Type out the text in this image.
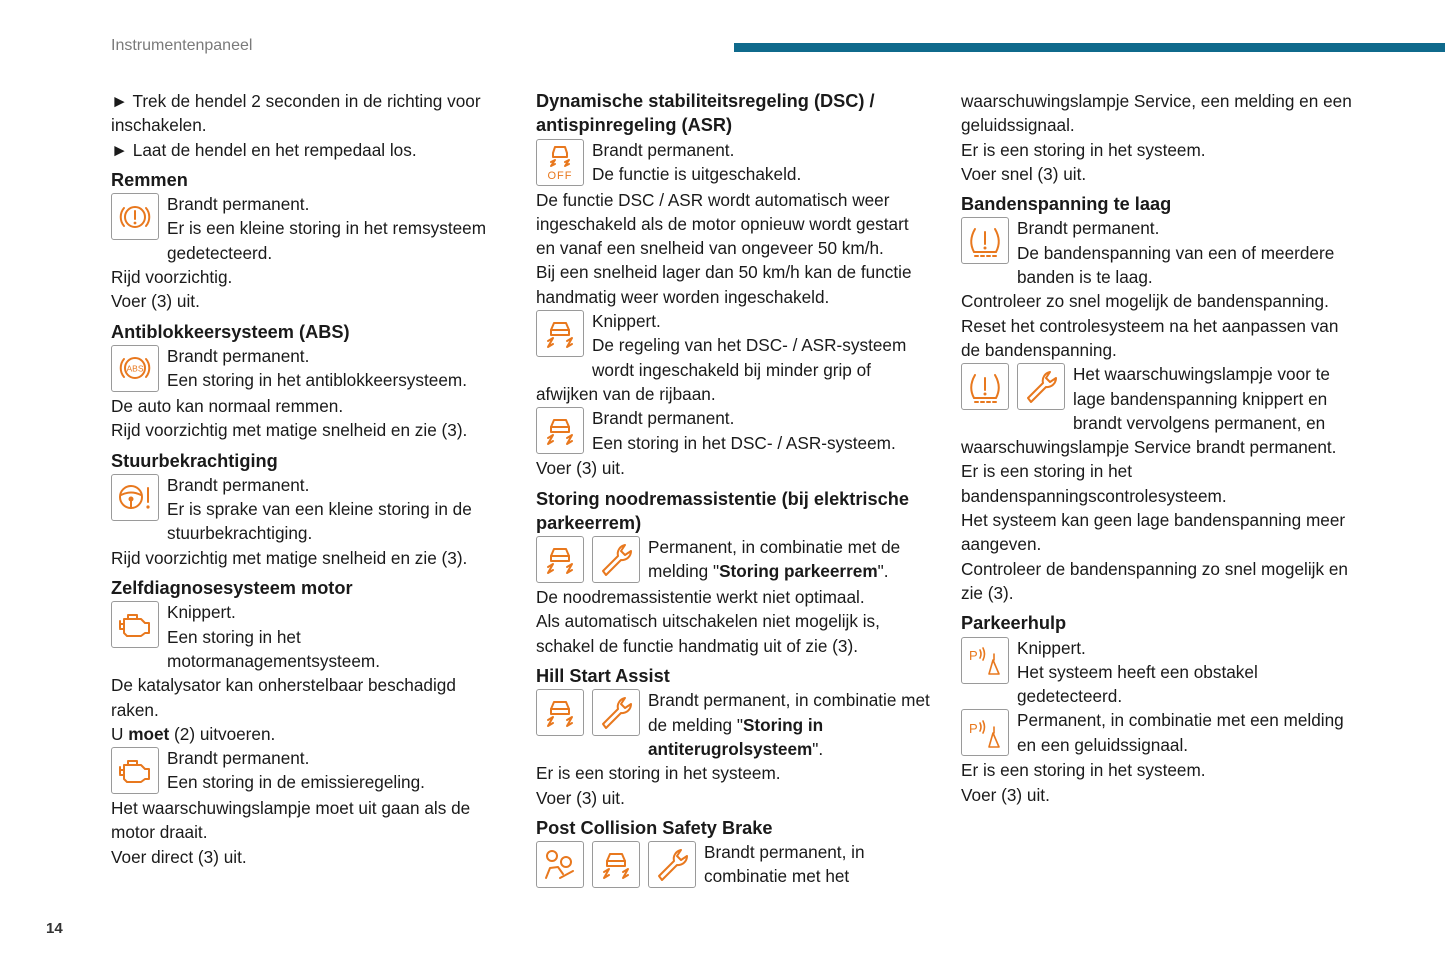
Instrumentenpaneel

► Trek de hendel 2 seconden in de richting voor inschakelen.

► Laat de hendel en het rempedaal los.

Remmen

Brandt permanent.

Er is een kleine storing in het remsysteem gedetecteerd.

Rijd voorzichtig.

Voer (3) uit.

Antiblokkeersysteem (ABS)

Brandt permanent.

Een storing in het antiblokkeersysteem.

De auto kan normaal remmen.

Rijd voorzichtig met matige snelheid en zie (3).

Stuurbekrachtiging

Brandt permanent.

Er is sprake van een kleine storing in de stuurbekrachtiging.

Rijd voorzichtig met matige snelheid en zie (3).

Zelfdiagnosesysteem motor

Knippert.

Een storing in het motormanagementsysteem.

De katalysator kan onherstelbaar beschadigd raken.

U moet (2) uitvoeren.

Brandt permanent.

Een storing in de emissieregeling.

Het waarschuwingslampje moet uit gaan als de motor draait.

Voer direct (3) uit.

Dynamische stabiliteitsregeling (DSC) / antispinregeling (ASR)
OFF

Brandt permanent.

De functie is uitgeschakeld.

De functie DSC / ASR wordt automatisch weer ingeschakeld als de motor opnieuw wordt gestart en vanaf een snelheid van ongeveer 50 km/h.

Bij een snelheid lager dan 50 km/h kan de functie handmatig weer worden ingeschakeld.

Knippert.

De regeling van het DSC- / ASR-systeem wordt ingeschakeld bij minder grip of afwijken van de rijbaan.

Brandt permanent.

Een storing in het DSC- / ASR-systeem.

Voer (3) uit.

Storing noodremassistentie (bij elektrische parkeerrem)

Permanent, in combinatie met de melding "Storing parkeerrem".

De noodremassistentie werkt niet optimaal.

Als automatisch uitschakelen niet mogelijk is, schakel de functie handmatig uit of zie (3).

Hill Start Assist

Brandt permanent, in combinatie met de melding "Storing in antiterugrolsysteem".

Er is een storing in het systeem.

Voer (3) uit.

Post Collision Safety Brake

Brandt permanent, in combinatie met het

waarschuwingslampje Service, een melding en een geluidssignaal.

Er is een storing in het systeem.

Voer snel (3) uit.

Bandenspanning te laag

Brandt permanent.

De bandenspanning van een of meerdere banden is te laag.

Controleer zo snel mogelijk de bandenspanning.

Reset het controlesysteem na het aanpassen van de bandenspanning.

Het waarschuwingslampje voor te lage bandenspanning knippert en brandt vervolgens permanent, en waarschuwingslampje Service brandt permanent.

Er is een storing in het bandenspanningscontrolesysteem.

Het systeem kan geen lage bandenspanning meer aangeven.

Controleer de bandenspanning zo snel mogelijk en zie (3).

Parkeerhulp

Knippert.

Het systeem heeft een obstakel gedetecteerd.

Permanent, in combinatie met een melding en een geluidssignaal.

Er is een storing in het systeem.

Voer (3) uit.

14
